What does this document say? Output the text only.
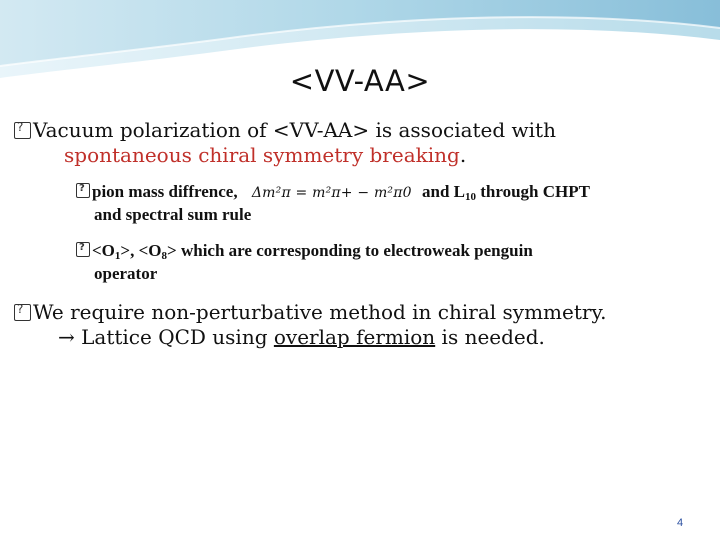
<VV-AA>
?Vacuum polarization of <VV-AA> is associated with
spontaneous chiral symmetry breaking.
?pion mass diffrence, Δm²π = m²π+ − m²π0 and $L_{10}$ through CHPT
and spectral sum rule
$?<O_1>$, $<O_8>$ which are corresponding to electroweak penguin
operator
?We require non-perturbative method in chiral symmetry.
→ Lattice QCD using overlap fermion is needed.
4
